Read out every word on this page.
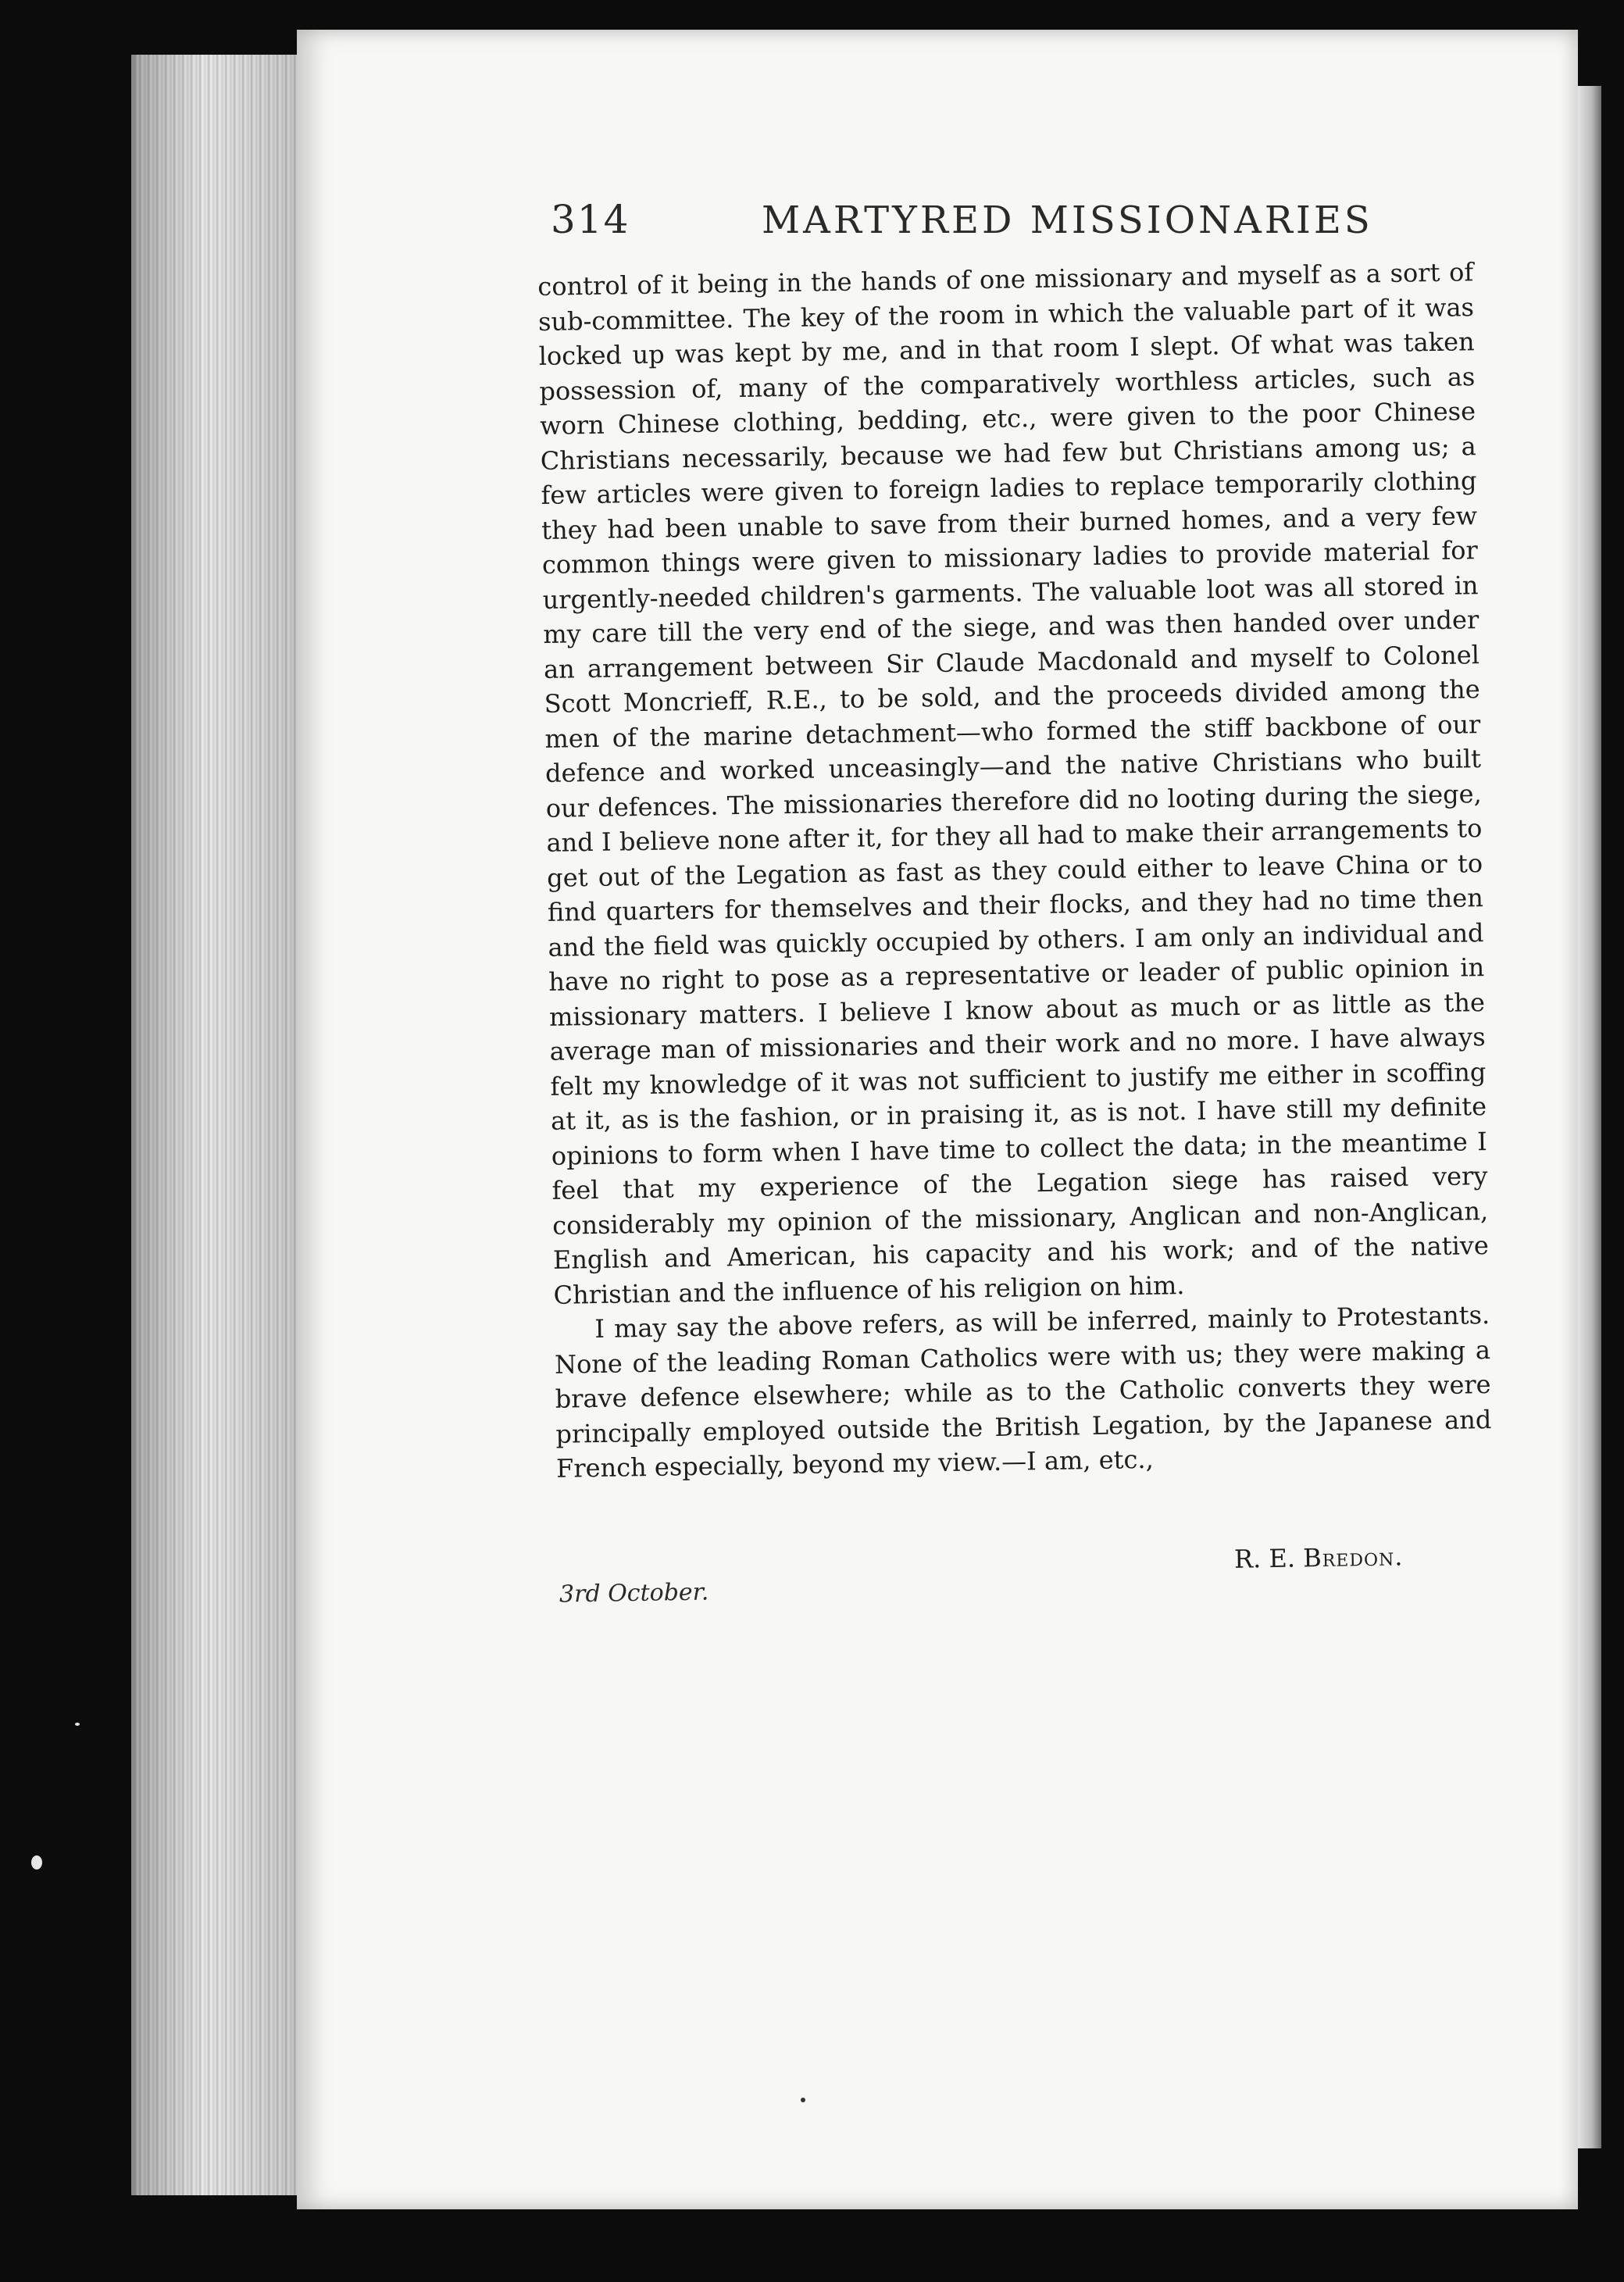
314	MARTYRED MISSIONARIES

control of it being in the hands of one missionary and myself as a sort of sub-committee. The key of the room in which the valuable part of it was locked up was kept by me, and in that room I slept. Of what was taken possession of, many of the comparatively worthless articles, such as worn Chinese clothing, bedding, etc., were given to the poor Chinese Christians necessarily, because we had few but Christians among us; a few articles were given to foreign ladies to replace temporarily clothing they had been unable to save from their burned homes, and a very few common things were given to missionary ladies to provide material for urgently-needed children's garments. The valuable loot was all stored in my care till the very end of the siege, and was then handed over under an arrangement between Sir Claude Macdonald and myself to Colonel Scott Moncrieff, R.E., to be sold, and the proceeds divided among the men of the marine detachment—who formed the stiff backbone of our defence and worked unceasingly—and the native Christians who built our defences. The missionaries therefore did no looting during the siege, and I believe none after it, for they all had to make their arrangements to get out of the Legation as fast as they could either to leave China or to find quarters for themselves and their flocks, and they had no time then and the field was quickly occupied by others. I am only an individual and have no right to pose as a representative or leader of public opinion in missionary matters. I believe I know about as much or as little as the average man of missionaries and their work and no more. I have always felt my knowledge of it was not sufficient to justify me either in scoffing at it, as is the fashion, or in praising it, as is not. I have still my definite opinions to form when I have time to collect the data; in the meantime I feel that my experience of the Legation siege has raised very considerably my opinion of the missionary, Anglican and non-Anglican, English and American, his capacity and his work; and of the native Christian and the influence of his religion on him.

I may say the above refers, as will be inferred, mainly to Protestants. None of the leading Roman Catholics were with us; they were making a brave defence elsewhere; while as to the Catholic converts they were principally employed outside the British Legation, by the Japanese and French especially, beyond my view.—I am, etc.,

R. E. Bredon.
3rd October.
